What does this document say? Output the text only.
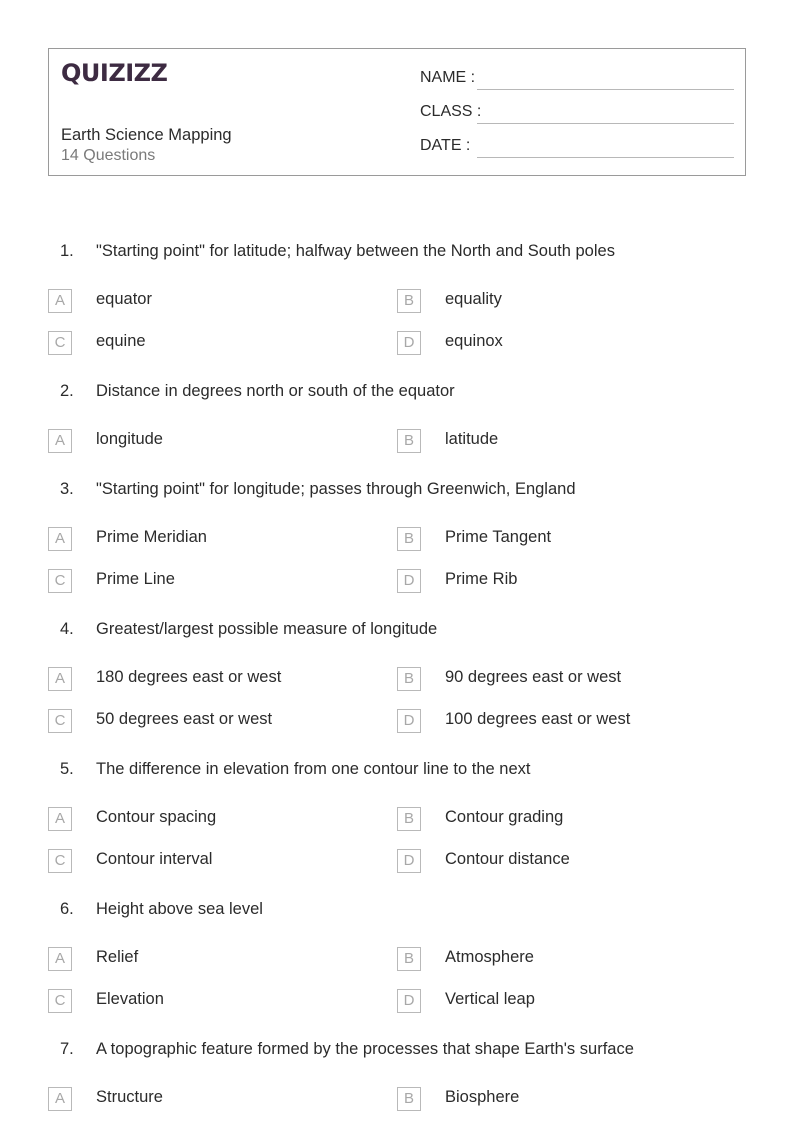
QUIZIZZ
Earth Science Mapping
14 Questions
NAME :
CLASS :
DATE :
1. "Starting point" for latitude; halfway between the North and South poles
A	equator	B	equality
C	equine	D	equinox
2. Distance in degrees north or south of the equator
A	longitude	B	latitude
3. "Starting point" for longitude; passes through Greenwich, England
A	Prime Meridian	B	Prime Tangent
C	Prime Line	D	Prime Rib
4. Greatest/largest possible measure of longitude
A	180 degrees east or west	B	90 degrees east or west
C	50 degrees east or west	D	100 degrees east or west
5. The difference in elevation from one contour line to the next
A	Contour spacing	B	Contour grading
C	Contour interval	D	Contour distance
6. Height above sea level
A	Relief	B	Atmosphere
C	Elevation	D	Vertical leap
7. A topographic feature formed by the processes that shape Earth's surface
A	Structure	B	Biosphere
